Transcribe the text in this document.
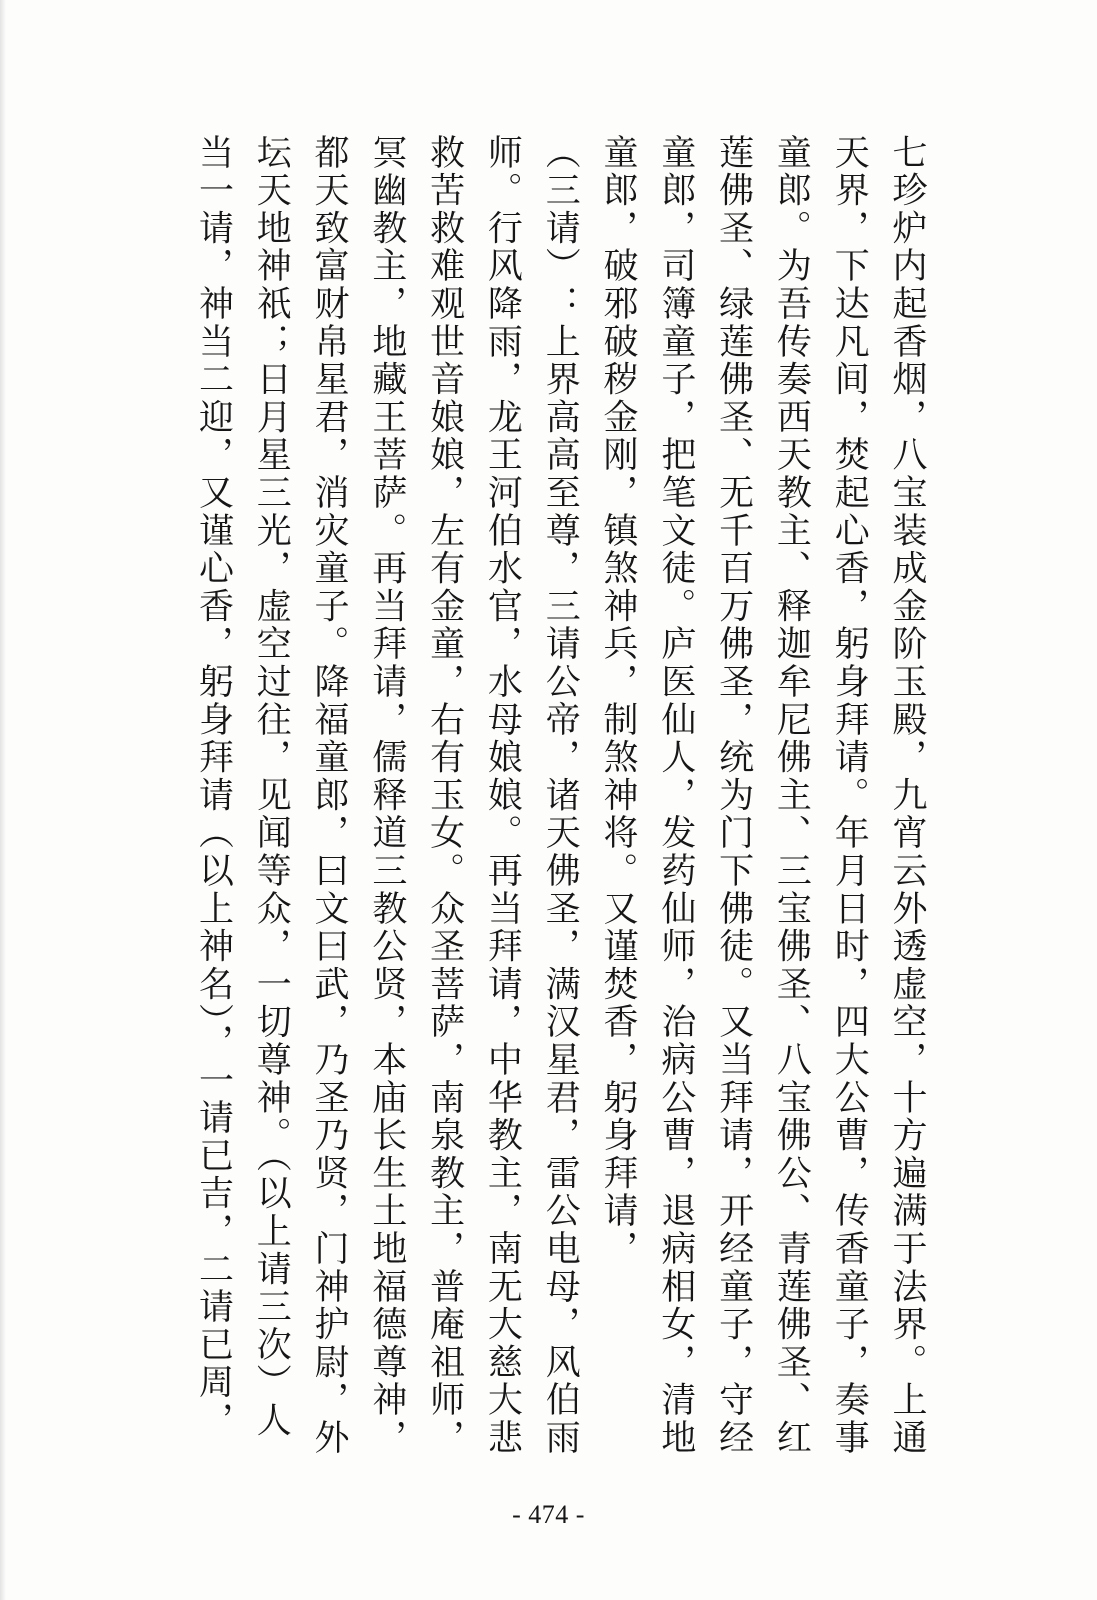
七珍炉内起香烟，八宝装成金阶玉殿，九宵云外透虚空，十方遍满于法界。上通天界，下达凡间，焚起心香，躬身拜请。年月日时，四大公曹，传香童子，奏事童郎。为吾传奏西天教主、释迦牟尼佛主、三宝佛圣、八宝佛公、青莲佛圣、红莲佛圣、绿莲佛圣、无千百万佛圣，统为门下佛徒。又当拜请，开经童子，守经童郎，司簿童子，把笔文徒。庐医仙人，发药仙师，治病公曹，退病相女，清地童郎，破邪破秽金刚，镇煞神兵，制煞神将。又谨焚香，躬身拜请，

（三请）：上界高高至尊，三请公帝，诸天佛圣，满汉星君，雷公电母，风伯雨师。行风降雨，龙王河伯水官，水母娘娘。再当拜请，中华教主，南无大慈大悲救苦救难观世音娘娘，左有金童，右有玉女。众圣菩萨，南泉教主，普庵祖师，冥幽教主，地藏王菩萨。再当拜请，儒释道三教公贤，本庙长生土地福德尊神，都天致富财帛星君，消灾童子。降福童郎，曰文曰武，乃圣乃贤，门神护尉，外坛天地神祇；日月星三光，虚空过往，见闻等众，一切尊神。（以上请三次）人当一请，神当二迎，又谨心香，躬身拜请（以上神名），一请已吉，二请已周，

- 474 -
